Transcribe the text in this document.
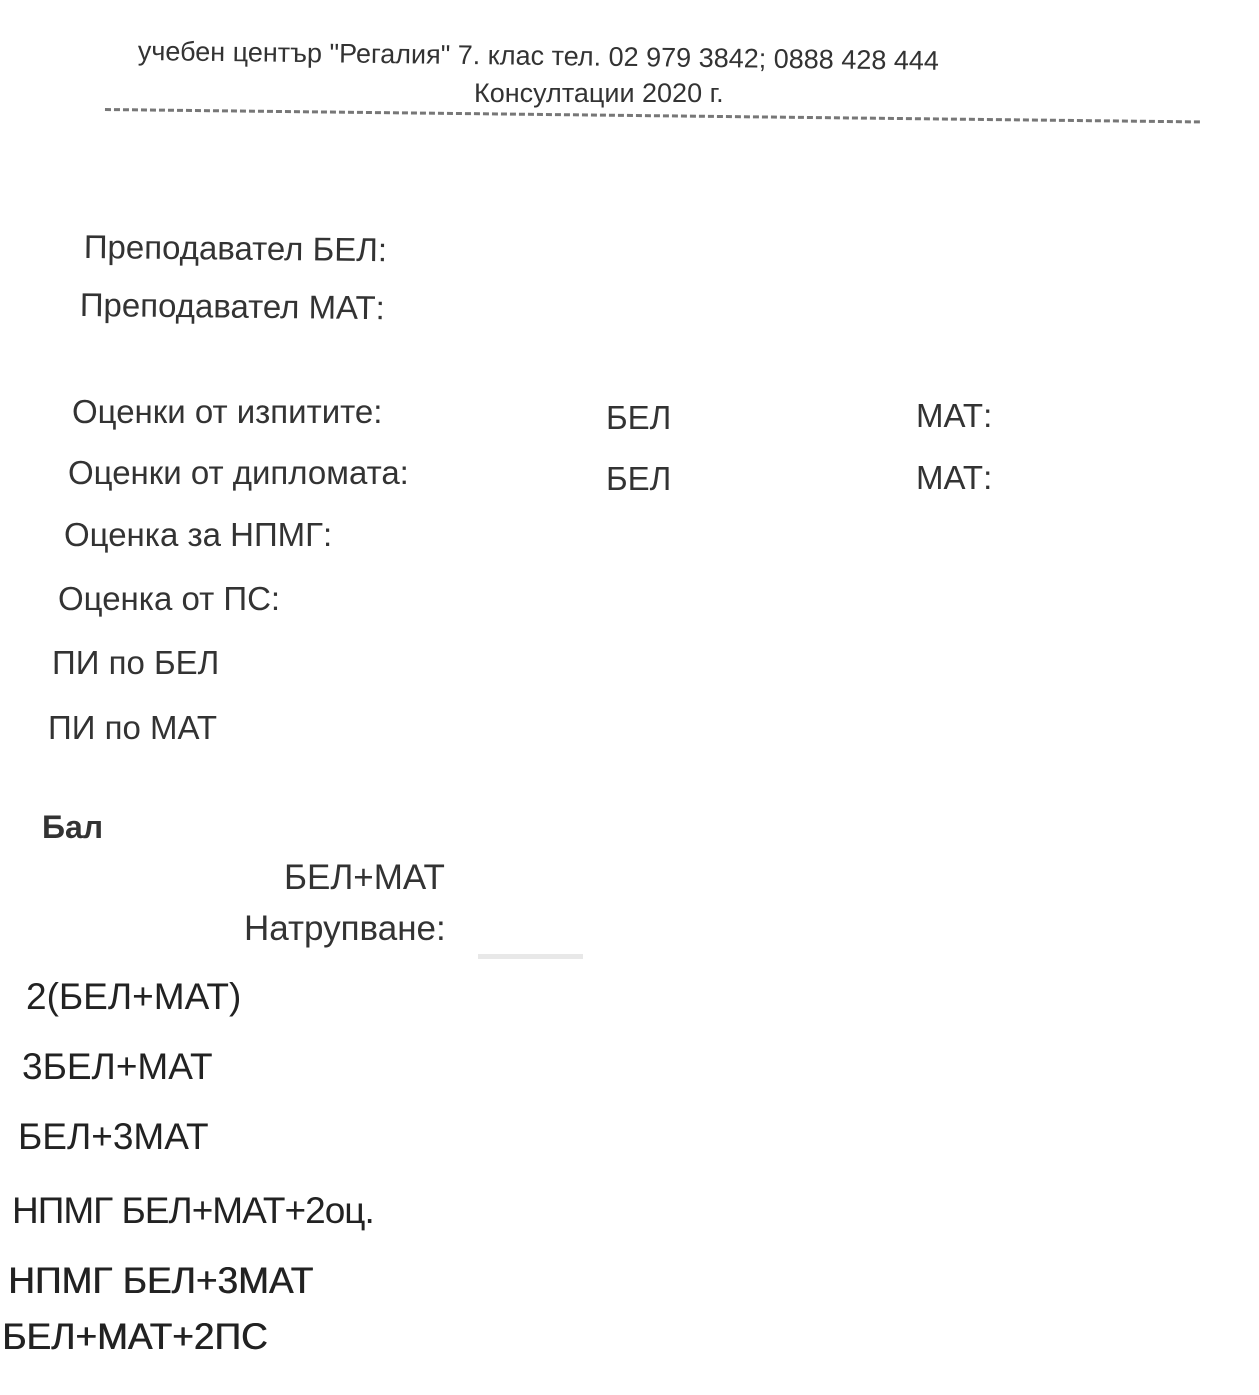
учебен център "Регалия" 7. клас тел. 02 979 3842; 0888 428 444
Консултации 2020 г.
Преподавател БЕЛ:
Преподавател МАТ:
Оценки от изпитите:	БЕЛ	МАТ:
Оценки от дипломата:	БЕЛ	МАТ:
Оценка за НПМГ:
Оценка от ПС:
ПИ по БЕЛ
ПИ по МАТ
Бал
БЕЛ+МАТ
Натрупване:
2(БЕЛ+МАТ)
3БЕЛ+МАТ
БЕЛ+3МАТ
НПМГ БЕЛ+МАТ+2оц.
НПМГ БЕЛ+3МАТ
БЕЛ+МАТ+2ПС
